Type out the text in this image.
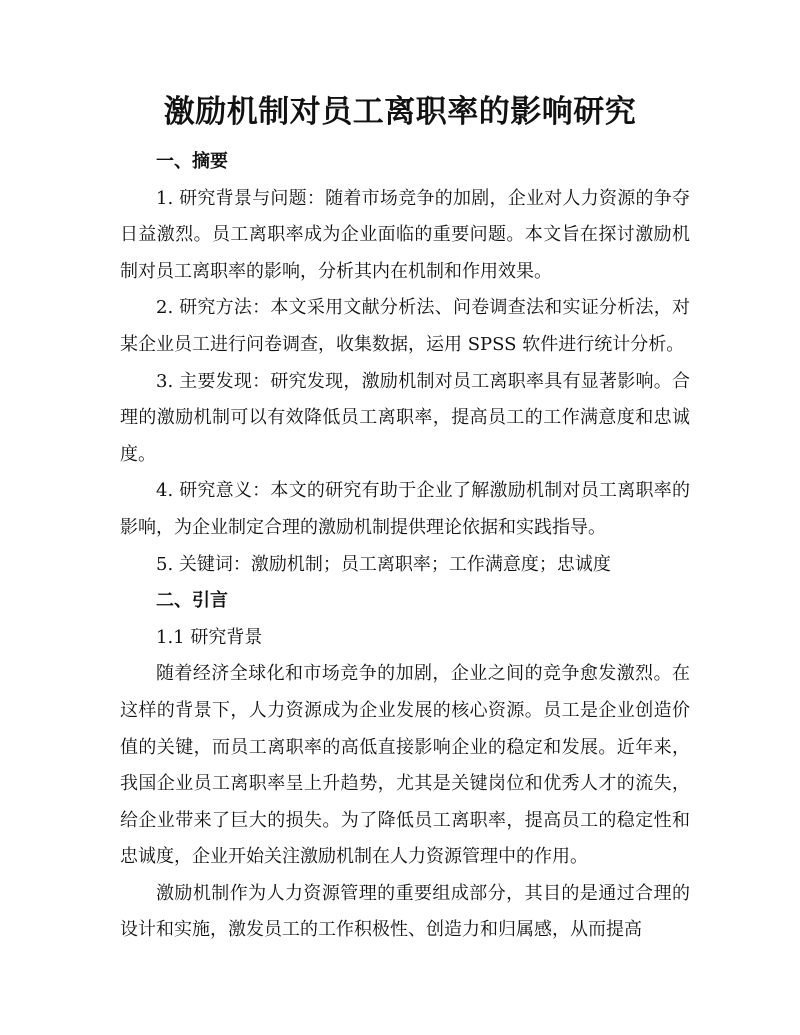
激励机制对员工离职率的影响研究

一、摘要

1. 研究背景与问题：随着市场竞争的加剧，企业对人力资源的争夺日益激烈。员工离职率成为企业面临的重要问题。本文旨在探讨激励机制对员工离职率的影响，分析其内在机制和作用效果。

2. 研究方法：本文采用文献分析法、问卷调查法和实证分析法，对某企业员工进行问卷调查，收集数据，运用 SPSS 软件进行统计分析。

3. 主要发现：研究发现，激励机制对员工离职率具有显著影响。合理的激励机制可以有效降低员工离职率，提高员工的工作满意度和忠诚度。

4. 研究意义：本文的研究有助于企业了解激励机制对员工离职率的影响，为企业制定合理的激励机制提供理论依据和实践指导。

5. 关键词：激励机制；员工离职率；工作满意度；忠诚度

二、引言

1.1 研究背景

随着经济全球化和市场竞争的加剧，企业之间的竞争愈发激烈。在这样的背景下，人力资源成为企业发展的核心资源。员工是企业创造价值的关键，而员工离职率的高低直接影响企业的稳定和发展。近年来，我国企业员工离职率呈上升趋势，尤其是关键岗位和优秀人才的流失，给企业带来了巨大的损失。为了降低员工离职率，提高员工的稳定性和忠诚度，企业开始关注激励机制在人力资源管理中的作用。

激励机制作为人力资源管理的重要组成部分，其目的是通过合理的设计和实施，激发员工的工作积极性、创造力和归属感，从而提高
